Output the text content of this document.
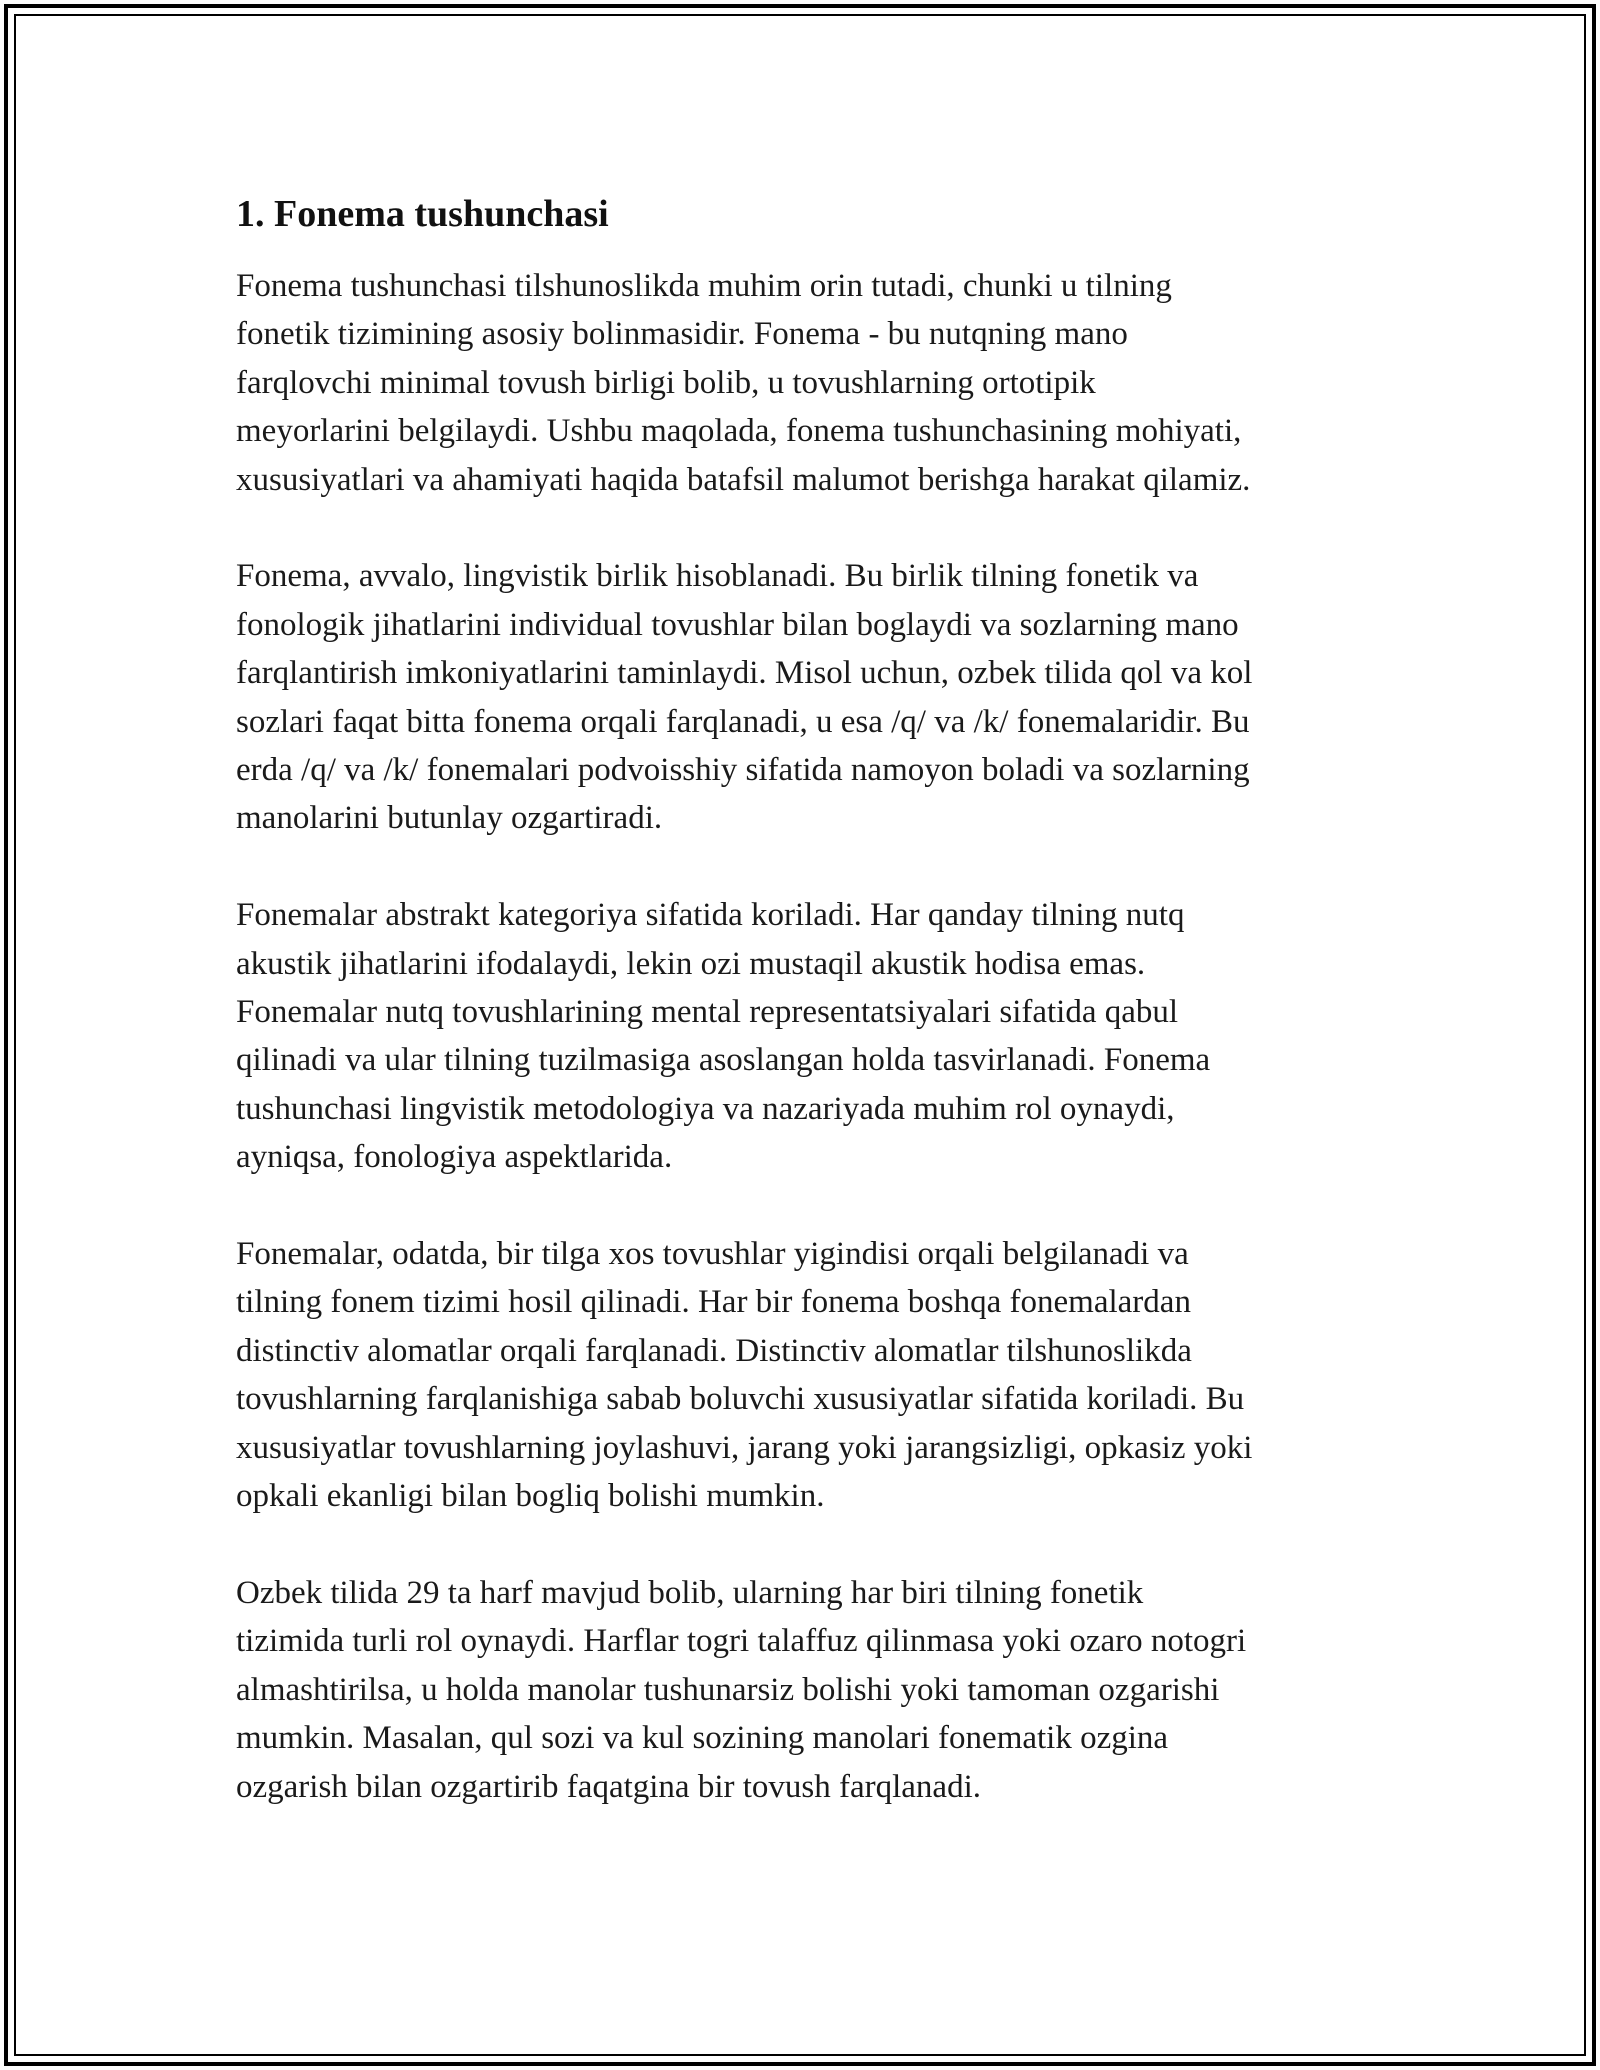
1. Fonema tushunchasi
Fonema tushunchasi tilshunoslikda muhim orin tutadi, chunki u tilning
fonetik tizimining asosiy bolinmasidir. Fonema - bu nutqning mano
farqlovchi minimal tovush birligi bolib, u tovushlarning ortotipik
meyorlarini belgilaydi. Ushbu maqolada, fonema tushunchasining mohiyati,
xususiyatlari va ahamiyati haqida batafsil malumot berishga harakat qilamiz.
Fonema, avvalo, lingvistik birlik hisoblanadi. Bu birlik tilning fonetik va
fonologik jihatlarini individual tovushlar bilan boglaydi va sozlarning mano
farqlantirish imkoniyatlarini taminlaydi. Misol uchun, ozbek tilida qol va kol
sozlari faqat bitta fonema orqali farqlanadi, u esa /q/ va /k/ fonemalaridir. Bu
erda /q/ va /k/ fonemalari podvoisshiy sifatida namoyon boladi va sozlarning
manolarini butunlay ozgartiradi.
Fonemalar abstrakt kategoriya sifatida koriladi. Har qanday tilning nutq
akustik jihatlarini ifodalaydi, lekin ozi mustaqil akustik hodisa emas.
Fonemalar nutq tovushlarining mental representatsiyalari sifatida qabul
qilinadi va ular tilning tuzilmasiga asoslangan holda tasvirlanadi. Fonema
tushunchasi lingvistik metodologiya va nazariyada muhim rol oynaydi,
ayniqsa, fonologiya aspektlarida.
Fonemalar, odatda, bir tilga xos tovushlar yigindisi orqali belgilanadi va
tilning fonem tizimi hosil qilinadi. Har bir fonema boshqa fonemalardan
distinctiv alomatlar orqali farqlanadi. Distinctiv alomatlar tilshunoslikda
tovushlarning farqlanishiga sabab boluvchi xususiyatlar sifatida koriladi. Bu
xususiyatlar tovushlarning joylashuvi, jarang yoki jarangsizligi, opkasiz yoki
opkali ekanligi bilan bogliq bolishi mumkin.
Ozbek tilida 29 ta harf mavjud bolib, ularning har biri tilning fonetik
tizimida turli rol oynaydi. Harflar togri talaffuz qilinmasa yoki ozaro notogri
almashtirilsa, u holda manolar tushunarsiz bolishi yoki tamoman ozgarishi
mumkin. Masalan, qul sozi va kul sozining manolari fonematik ozgina
ozgarish bilan ozgartirib faqatgina bir tovush farqlanadi.
